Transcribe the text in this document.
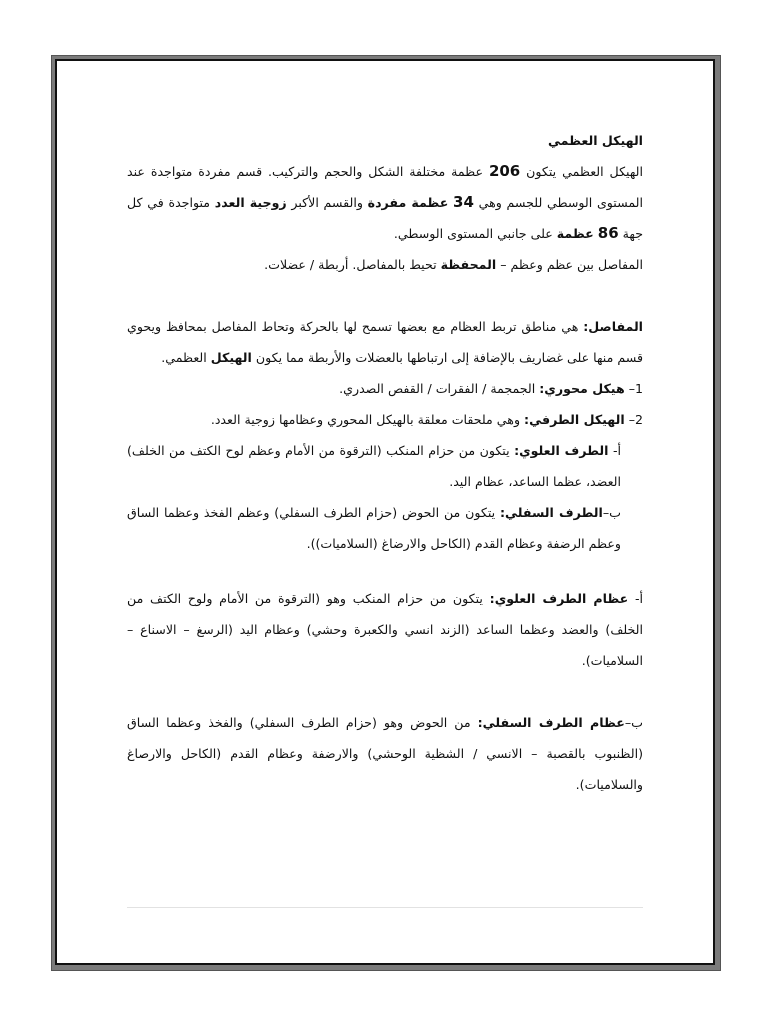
الهيكل العظمي

الهيكل العظمي يتكون 206 عظمة مختلفة الشكل والحجم والتركيب. قسم مفردة متواجدة عند المستوى الوسطي للجسم وهي 34 عظمة مفردة والقسم الأكبر زوجية العدد متواجدة في كل جهة 86 عظمة على جانبي المستوى الوسطي.

المفاصل بين عظم وعظم – المحفظة تحيط بالمفاصل. أربطة / عضلات.

المفاصل: هي مناطق تربط العظام مع بعضها تسمح لها بالحركة وتحاط المفاصل بمحافظ ويحوي قسم منها على غضاريف بالإضافة إلى ارتباطها بالعضلات والأربطة مما يكون الهيكل العظمي.

1– هيكل محوري: الجمجمة / الفقرات / القفص الصدري.

2– الهيكل الطرفي: وهي ملحقات معلقة بالهيكل المحوري وعظامها زوجية العدد.

أ- الطرف العلوي: يتكون من حزام المنكب (الترقوة من الأمام وعظم لوح الكتف من الخلف) العضد، عظما الساعد، عظام اليد.

ب–الطرف السفلي: يتكون من الحوض (حزام الطرف السفلي) وعظم الفخذ وعظما الساق وعظم الرضفة وعظام القدم (الكاحل والارضاغ (السلاميات)).

أ- عظام الطرف العلوي: يتكون من حزام المنكب وهو (الترقوة من الأمام ولوح الكتف من الخلف) والعضد وعظما الساعد (الزند انسي والكعبرة وحشي) وعظام اليد (الرسغ – الاسناع – السلاميات).

ب–عظام الطرف السفلي: من الحوض وهو (حزام الطرف السفلي) والفخذ وعظما الساق (الظنبوب بالقصبة – الانسي / الشظية الوحشي) والارضفة وعظام القدم (الكاحل والارصاغ والسلاميات).
